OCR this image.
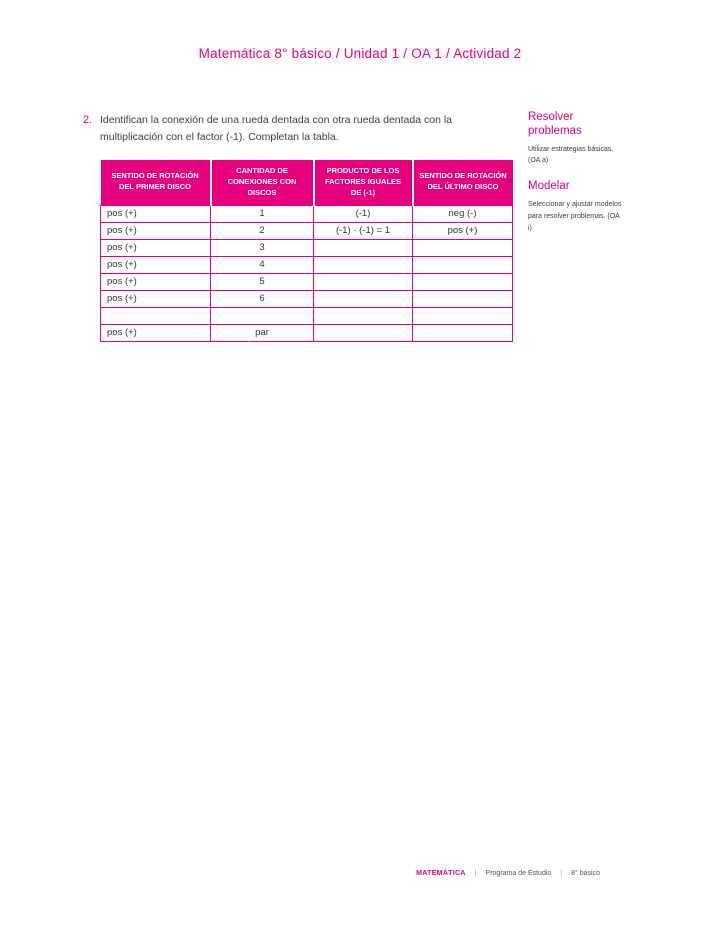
Matemática 8° básico / Unidad 1 / OA 1 / Actividad 2
2. Identifican la conexión de una rueda dentada con otra rueda dentada con la multiplicación con el factor (-1). Completan la tabla.
SENTIDO DE ROTACIÓN DEL PRIMER DISCO	CANTIDAD DE CONEXIONES CON DISCOS	PRODUCTO DE LOS FACTORES IGUALES DE (-1)	SENTIDO DE ROTACIÓN DEL ÚLTIMO DISCO
pos (+)	1	(-1)	neg (-)
pos (+)	2	(-1) · (-1) = 1	pos (+)
pos (+)	3		
pos (+)	4		
pos (+)	5		
pos (+)	6		

pos (+)	par		
Resolver problemas

Utilizar estrategias básicas. (OA a)

Modelar

Seleccionar y ajustar modelos para resolver problemas. (OA i)

MATEMÁTICA | Programa de Estudio | 8° básico
